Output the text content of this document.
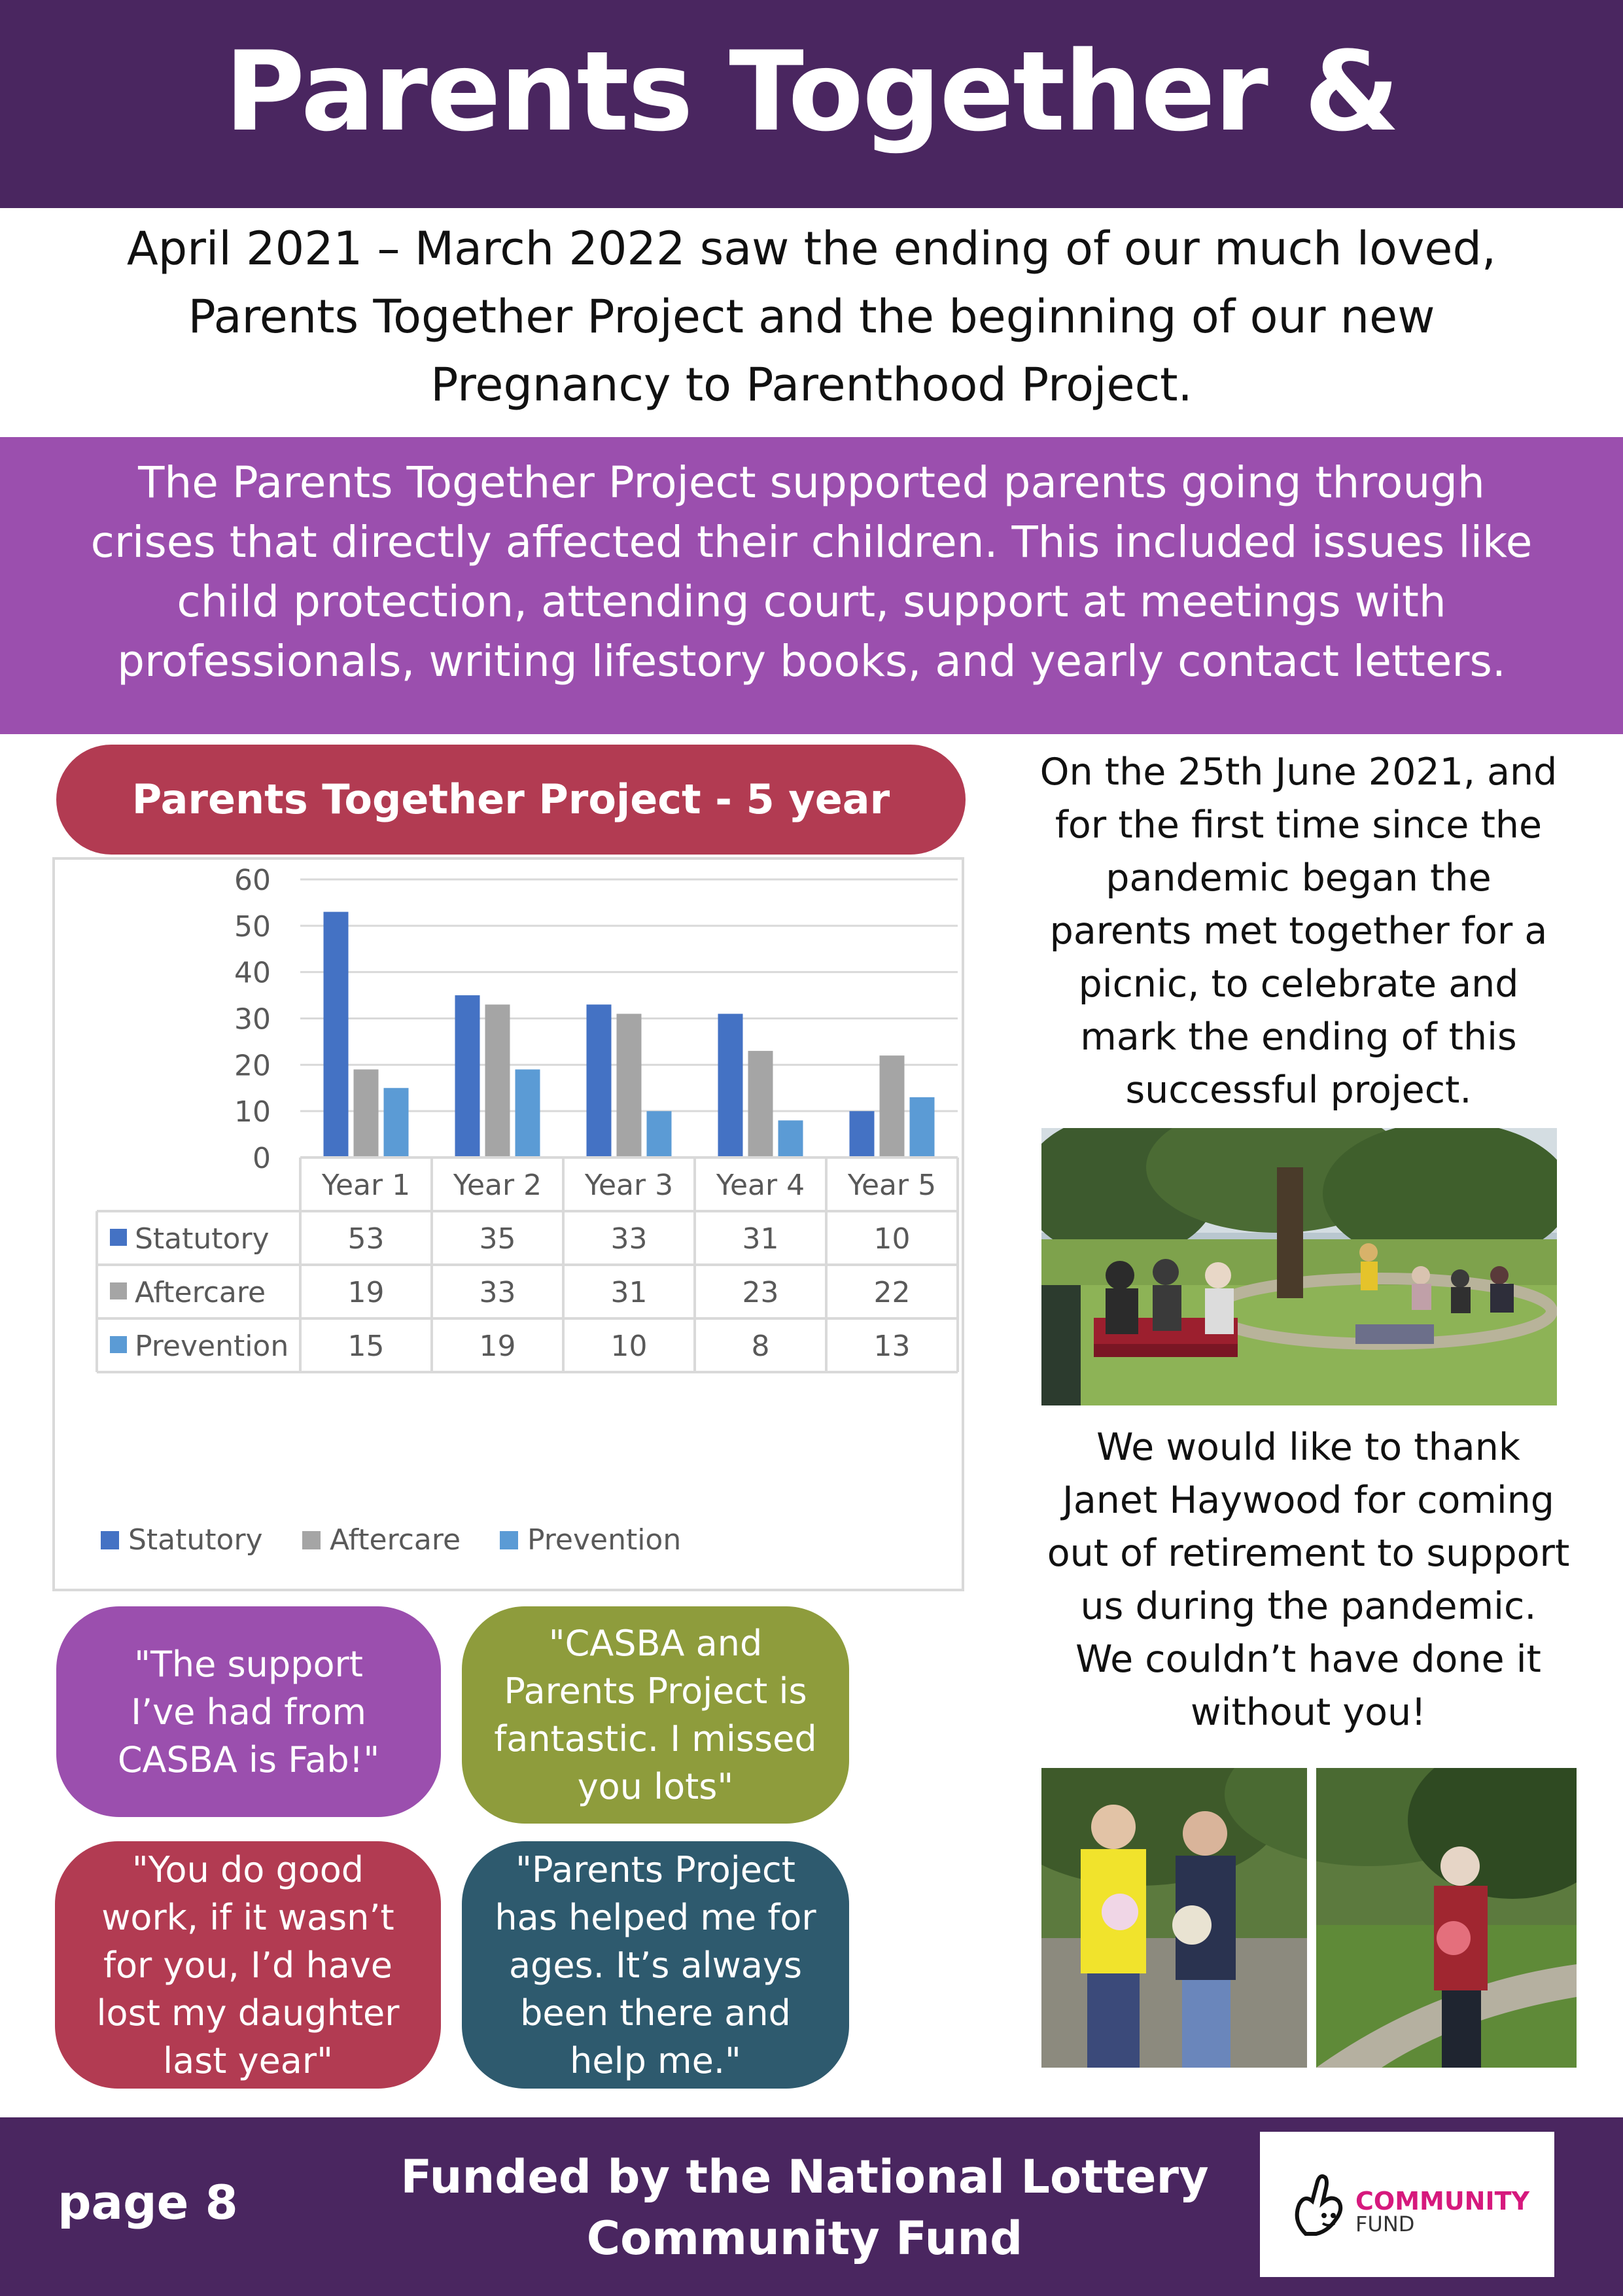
Parents Together &
April 2021 – March 2022 saw the ending of our much loved,
Parents Together Project and the beginning of our new
Pregnancy to Parenthood Project.
The Parents Together Project supported parents going through
crises that directly affected their children. This included issues like
child protection, attending court, support at meetings with
professionals, writing lifestory books, and yearly contact letters.
Parents Together Project - 5 year
0
10
20
30
40
50
60
Year 1 Year 2 Year 3 Year 4 Year 5
Statutory	53	35	33	31	10
Aftercare	19	33	31	23	22
Prevention 15	19	10	8	13
Statutory Aftercare Prevention
On the 25th June 2021, and
for the first time since the
pandemic began the
parents met together for a
picnic, to celebrate and
mark the ending of this
successful project.
We would like to thank
Janet Haywood for coming
out of retirement to support
us during the pandemic.
We couldn’t have done it
without you!
"The support
I’ve had from
CASBA is Fab!"
"CASBA and
Parents Project is
fantastic. I missed
you lots"
"You do good
work, if it wasn’t
for you, I’d have
lost my daughter
last year"
"Parents Project
has helped me for
ages. It’s always
been there and
help me."
page 8	Funded by the National Lottery
Community Fund
COMMUNITY
FUND
